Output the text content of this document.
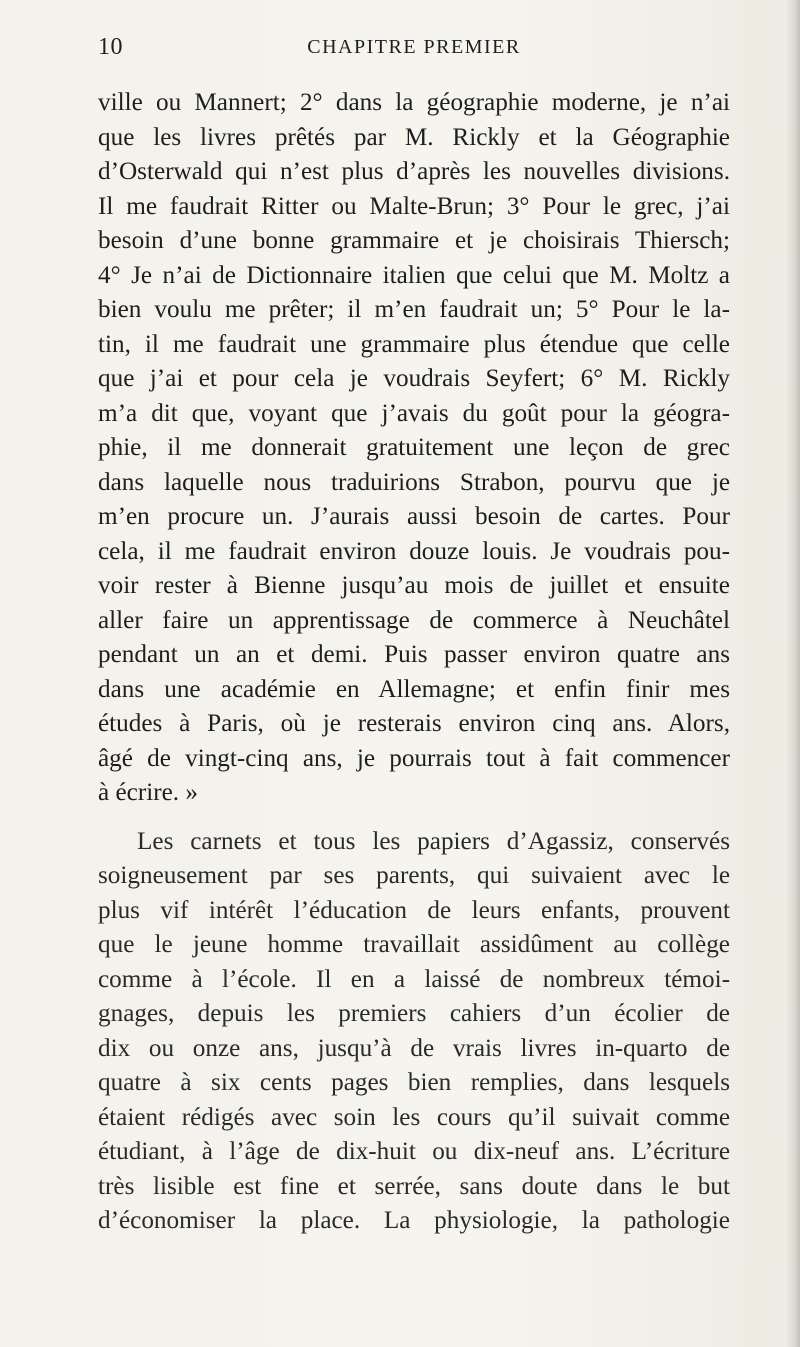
10	CHAPITRE PREMIER
ville ou Mannert; 2° dans la géographie moderne, je n’ai
que les livres prêtés par M. Rickly et la Géographie
d’Osterwald qui n’est plus d’après les nouvelles divisions.
Il me faudrait Ritter ou Malte-Brun; 3° Pour le grec, j’ai
besoin d’une bonne grammaire et je choisirais Thiersch;
4° Je n’ai de Dictionnaire italien que celui que M. Moltz a
bien voulu me prêter; il m’en faudrait un; 5° Pour le la-
tin, il me faudrait une grammaire plus étendue que celle
que j’ai et pour cela je voudrais Seyfert; 6° M. Rickly
m’a dit que, voyant que j’avais du goût pour la géogra-
phie, il me donnerait gratuitement une leçon de grec
dans laquelle nous traduirions Strabon, pourvu que je
m’en procure un. J’aurais aussi besoin de cartes. Pour
cela, il me faudrait environ douze louis. Je voudrais pou-
voir rester à Bienne jusqu’au mois de juillet et ensuite
aller faire un apprentissage de commerce à Neuchâtel
pendant un an et demi. Puis passer environ quatre ans
dans une académie en Allemagne; et enfin finir mes
études à Paris, où je resterais environ cinq ans. Alors,
âgé de vingt-cinq ans, je pourrais tout à fait commencer
à écrire. »
Les carnets et tous les papiers d’Agassiz, conservés
soigneusement par ses parents, qui suivaient avec le
plus vif intérêt l’éducation de leurs enfants, prouvent
que le jeune homme travaillait assidûment au collège
comme à l’école. Il en a laissé de nombreux témoi-
gnages, depuis les premiers cahiers d’un écolier de
dix ou onze ans, jusqu’à de vrais livres in-quarto de
quatre à six cents pages bien remplies, dans lesquels
étaient rédigés avec soin les cours qu’il suivait comme
étudiant, à l’âge de dix-huit ou dix-neuf ans. L’écriture
très lisible est fine et serrée, sans doute dans le but
d’économiser la place. La physiologie, la pathologie
